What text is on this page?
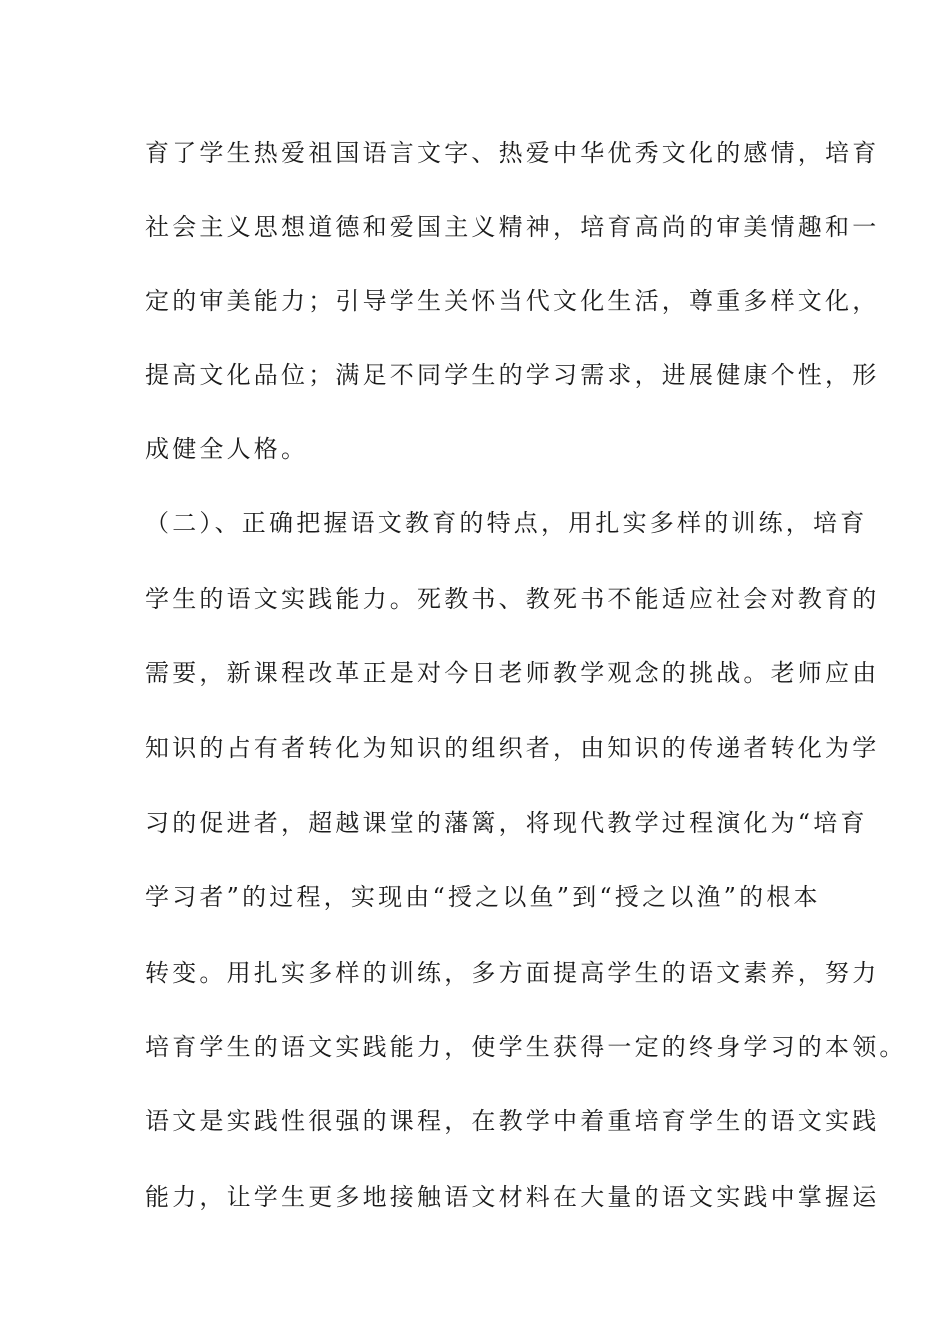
育了学生热爱祖国语言文字、热爱中华优秀文化的感情，培育
社会主义思想道德和爱国主义精神，培育高尚的审美情趣和一
定的审美能力；引导学生关怀当代文化生活，尊重多样文化，
提高文化品位；满足不同学生的学习需求，进展健康个性，形
成健全人格。
（二）、正确把握语文教育的特点，用扎实多样的训练，培育
学生的语文实践能力。死教书、教死书不能适应社会对教育的
需要，新课程改革正是对今日老师教学观念的挑战。老师应由
知识的占有者转化为知识的组织者，由知识的传递者转化为学
习的促进者，超越课堂的藩篱，将现代教学过程演化为“培育
学习者”的过程，实现由“授之以鱼”到“授之以渔”的根本
转变。用扎实多样的训练，多方面提高学生的语文素养，努力
培育学生的语文实践能力，使学生获得一定的终身学习的本领。
语文是实践性很强的课程，在教学中着重培育学生的语文实践
能力，让学生更多地接触语文材料在大量的语文实践中掌握运
